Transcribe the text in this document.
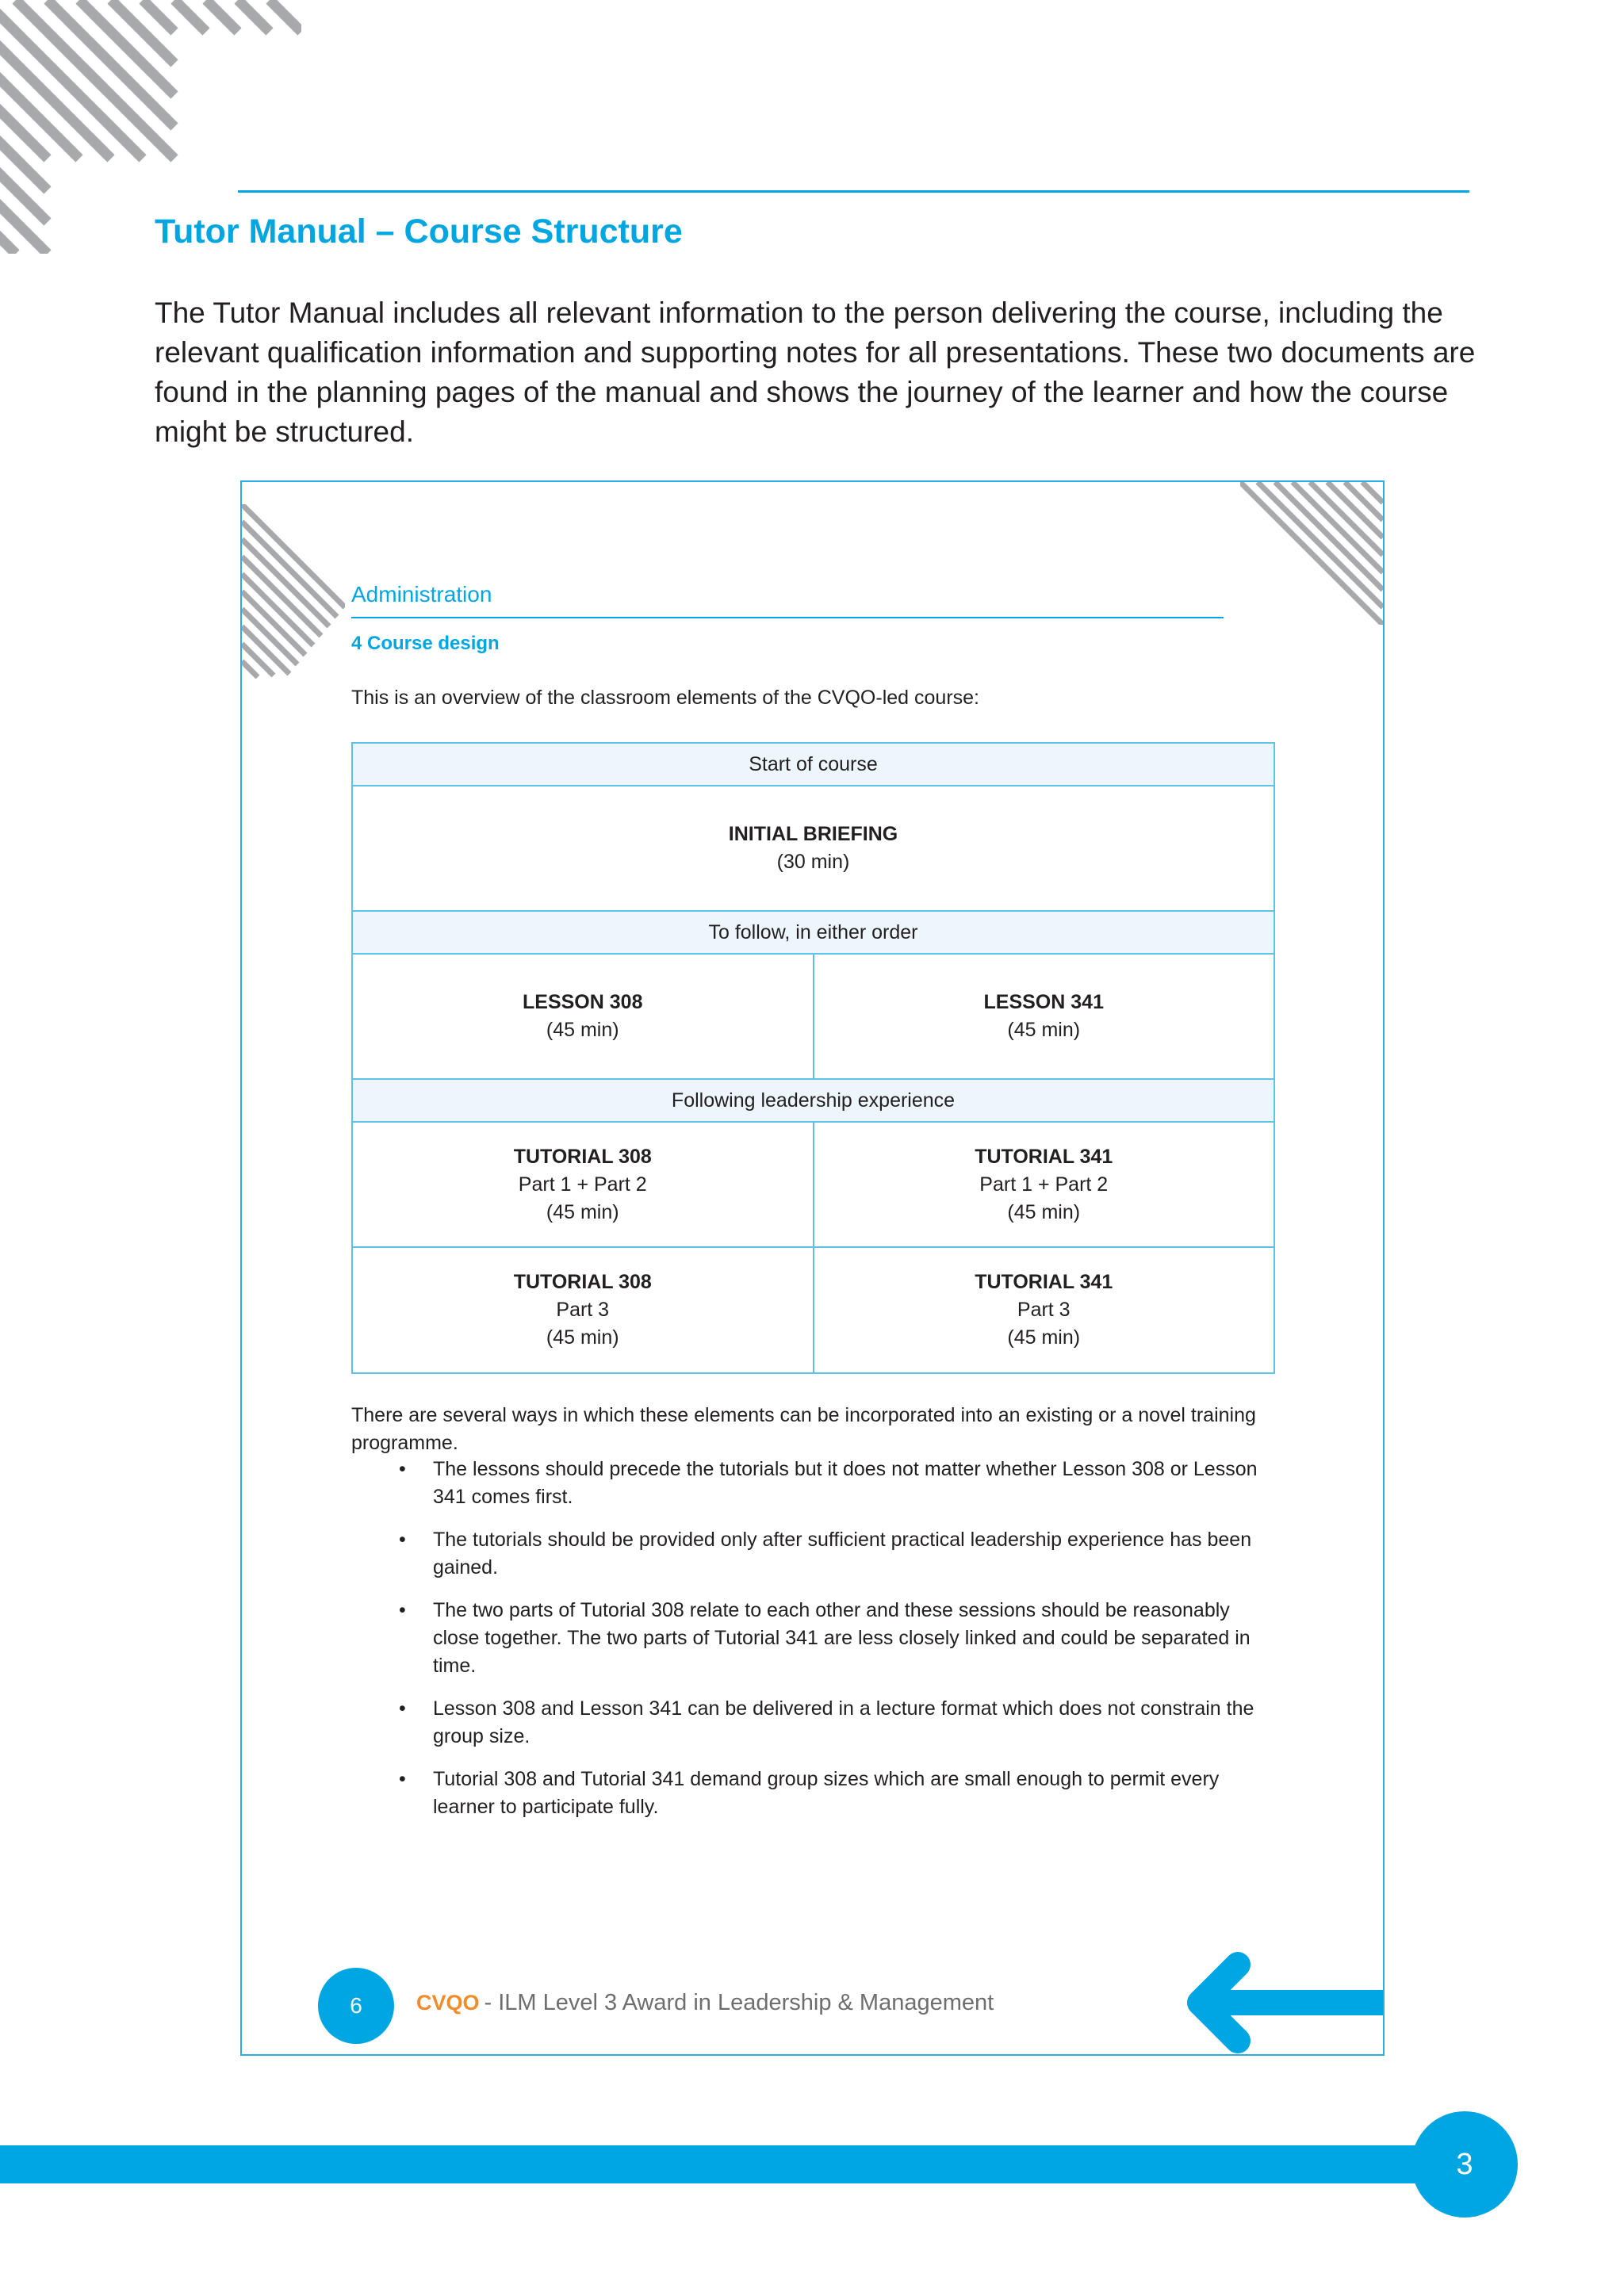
Tutor Manual – Course Structure

The Tutor Manual includes all relevant information to the person delivering the course, including the relevant qualification information and supporting notes for all presentations. These two documents are found in the planning pages of the manual and shows the journey of the learner and how the course might be structured.

Administration
4 Course design
This is an overview of the classroom elements of the CVQO-led course:
Start of course
INITIAL BRIEFING
(30 min)
To follow, in either order
LESSON 308
(45 min)
LESSON 341
(45 min)
Following leadership experience
TUTORIAL 308
Part 1 + Part 2
(45 min)
TUTORIAL 341
Part 1 + Part 2
(45 min)
TUTORIAL 308
Part 3
(45 min)
TUTORIAL 341
Part 3
(45 min)

There are several ways in which these elements can be incorporated into an existing or a novel training programme.

• The lessons should precede the tutorials but it does not matter whether Lesson 308 or Lesson 341 comes first.
• The tutorials should be provided only after sufficient practical leadership experience has been gained.
• The two parts of Tutorial 308 relate to each other and these sessions should be reasonably close together. The two parts of Tutorial 341 are less closely linked and could be separated in time.
• Lesson 308 and Lesson 341 can be delivered in a lecture format which does not constrain the group size.
• Tutorial 308 and Tutorial 341 demand group sizes which are small enough to permit every learner to participate fully.
6	CVQO - ILM Level 3 Award in Leadership & Management
3
